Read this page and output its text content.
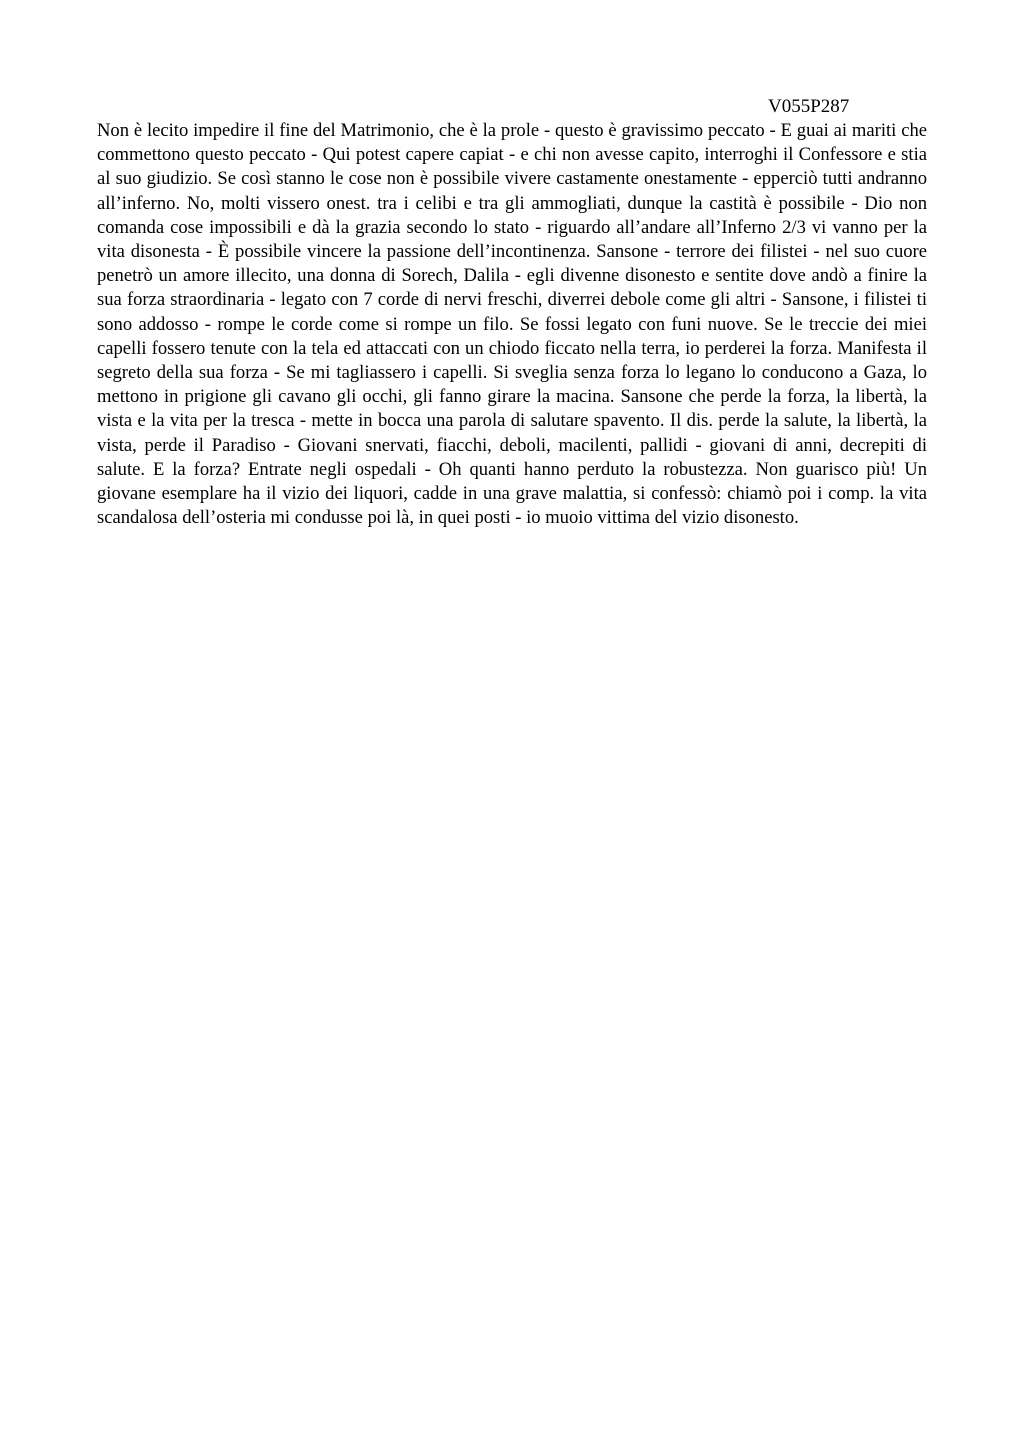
V055P287

Non è lecito impedire il fine del Matrimonio, che è la prole - questo è gravissimo peccato - E guai ai mariti che commettono questo peccato - Qui potest capere capiat - e chi non avesse capito, interroghi il Confessore e stia al suo giudizio. Se così stanno le cose non è possibile vivere castamente onestamente - epperciò tutti andranno all’inferno. No, molti vissero onest. tra i celibi e tra gli ammogliati, dunque la castità è possibile - Dio non comanda cose impossibili e dà la grazia secondo lo stato - riguardo all’andare all’Inferno 2/3 vi vanno per la vita disonesta - È possibile vincere la passione dell’incontinenza. Sansone - terrore dei filistei - nel suo cuore penetrò un amore illecito, una donna di Sorech, Dalila - egli divenne disonesto e sentite dove andò a finire la sua forza straordinaria - legato con 7 corde di nervi freschi, diverrei debole come gli altri - Sansone, i filistei ti sono addosso - rompe le corde come si rompe un filo. Se fossi legato con funi nuove. Se le treccie dei miei capelli fossero tenute con la tela ed attaccati con un chiodo ficcato nella terra, io perderei la forza. Manifesta il segreto della sua forza - Se mi tagliassero i capelli. Si sveglia senza forza lo legano lo conducono a Gaza, lo mettono in prigione gli cavano gli occhi, gli fanno girare la macina. Sansone che perde la forza, la libertà, la vista e la vita per la tresca - mette in bocca una parola di salutare spavento. Il dis. perde la salute, la libertà, la vista, perde il Paradiso - Giovani snervati, fiacchi, deboli, macilenti, pallidi - giovani di anni, decrepiti di salute. E la forza? Entrate negli ospedali - Oh quanti hanno perduto la robustezza. Non guarisco più! Un giovane esemplare ha il vizio dei liquori, cadde in una grave malattia, si confessò: chiamò poi i comp. la vita scandalosa dell’osteria mi condusse poi là, in quei posti - io muoio vittima del vizio disonesto.
